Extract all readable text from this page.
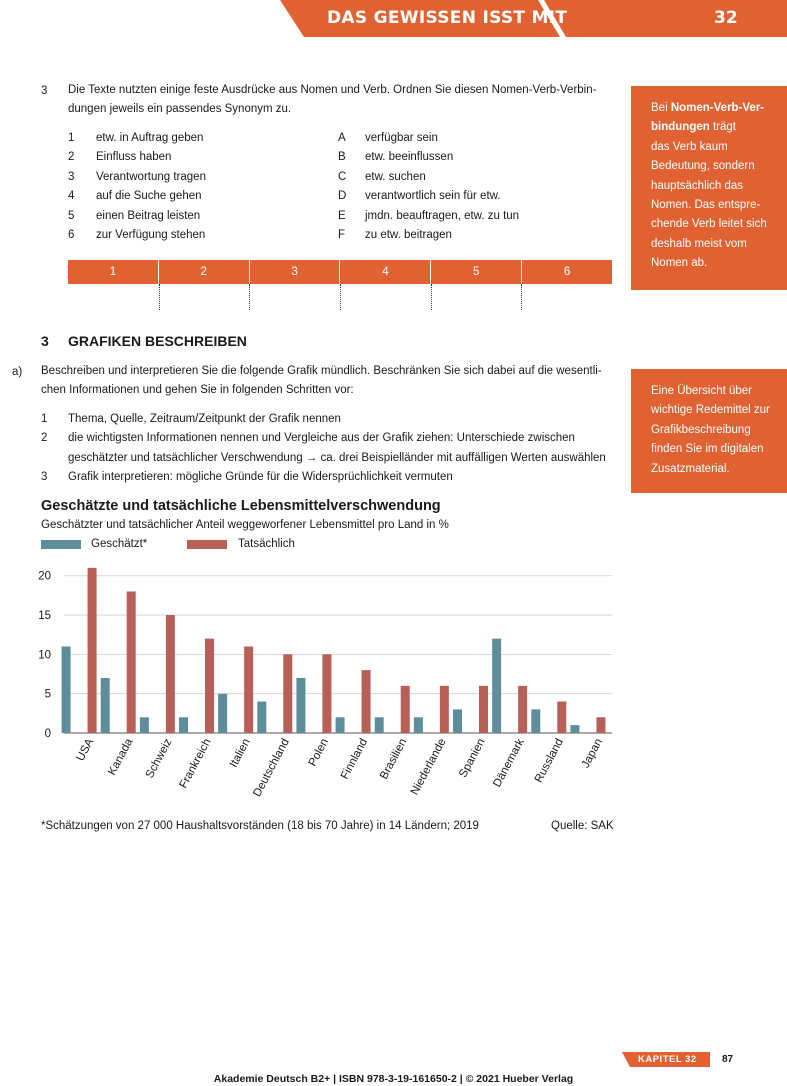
DAS GEWISSEN ISST MIT	32
3 Die Texte nutzten einige feste Ausdrücke aus Nomen und Verb. Ordnen Sie diesen Nomen-Verb-Verbin-
dungen jeweils ein passendes Synonym zu.
1 etw. in Auftrag geben	A verfügbar sein
2 Einfluss haben	B etw. beeinflussen
3 Verantwortung tragen	C etw. suchen
4 auf die Suche gehen	D verantwortlich sein für etw.
5 einen Beitrag leisten	E jmdn. beauftragen, etw. zu tun
6 zur Verfügung stehen	F zu etw. beitragen
Bei Nomen-Verb-Ver-
bindungen trägt
das Verb kaum
Bedeutung, sondern
hauptsächlich das
Nomen. Das entspre-
chende Verb leitet sich
deshalb meist vom
Nomen ab.
1	2	3	4	5	6
3 GRAFIKEN BESCHREIBEN
a) Beschreiben und interpretieren Sie die folgende Grafik mündlich. Beschränken Sie sich dabei auf die wesentli-
chen Informationen und gehen Sie in folgenden Schritten vor:
1 Thema, Quelle, Zeitraum/Zeitpunkt der Grafik nennen
2 die wichtigsten Informationen nennen und Vergleiche aus der Grafik ziehen: Unterschiede zwischen
geschätzter und tatsächlicher Verschwendung → ca. drei Beispielländer mit auffälligen Werten auswählen
3 Grafik interpretieren: mögliche Gründe für die Widersprüchlichkeit vermuten
Eine Übersicht über
wichtige Redemittel zur
Grafikbeschreibung
finden Sie im digitalen
Zusatzmaterial.
Geschätzte und tatsächliche Lebensmittelverschwendung
Geschätzter und tatsächlicher Anteil weggeworfener Lebensmittel pro Land in %
Geschätzt*	Tatsächlich
0
5
10
15
20
USA Kanada Schweiz Frankreich Italien
Deutschland Polen Finnland Brasilien Niederlande Spanien Dänemark Russland Japan
*Schätzungen von 27 000 Haushaltsvorständen (18 bis 70 Jahre) in 14 Ländern; 2019	Quelle: SAK
KAPITEL 32	87
Akademie Deutsch B2+ | ISBN 978-3-19-161650-2 | © 2021 Hueber Verlag
